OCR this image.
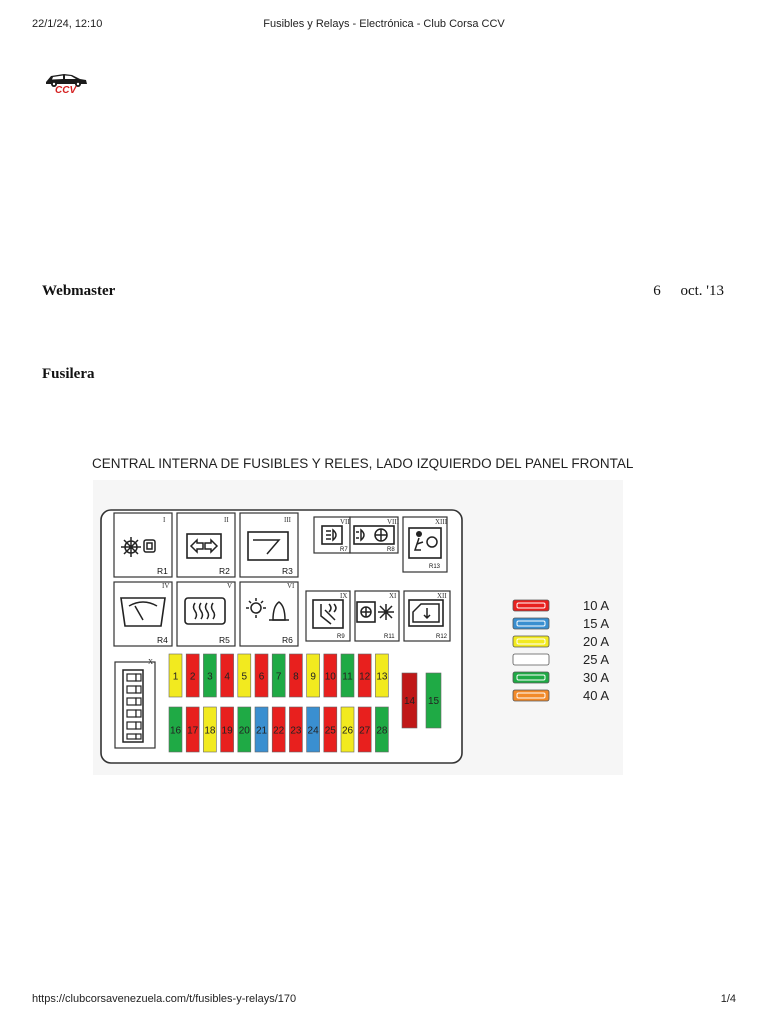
22/1/24, 12:10	Fusibles y Relays - Electrónica - Club Corsa CCV
CCV
Webmaster	6 oct. '13
Fusilera
CENTRAL INTERNA DE FUSIBLES Y RELES, LADO IZQUIERDO DEL PANEL FRONTAL
I
R1
II
R2
III
R3
IV
R4
V
R5
VI
R6
VII
R7
VIII
R8
XIII
R13
IX
R9
XI
R11
XII
R12
X
1 2 3 4 5 6 7 8 9 10 11 12 13
16 17 18 19 20 21 22 23 24 25 26 27 28
14 15
10 A
15 A
20 A
25 A
30 A
40 A
https://clubcorsavenezuela.com/t/fusibles-y-relays/170	1/4
